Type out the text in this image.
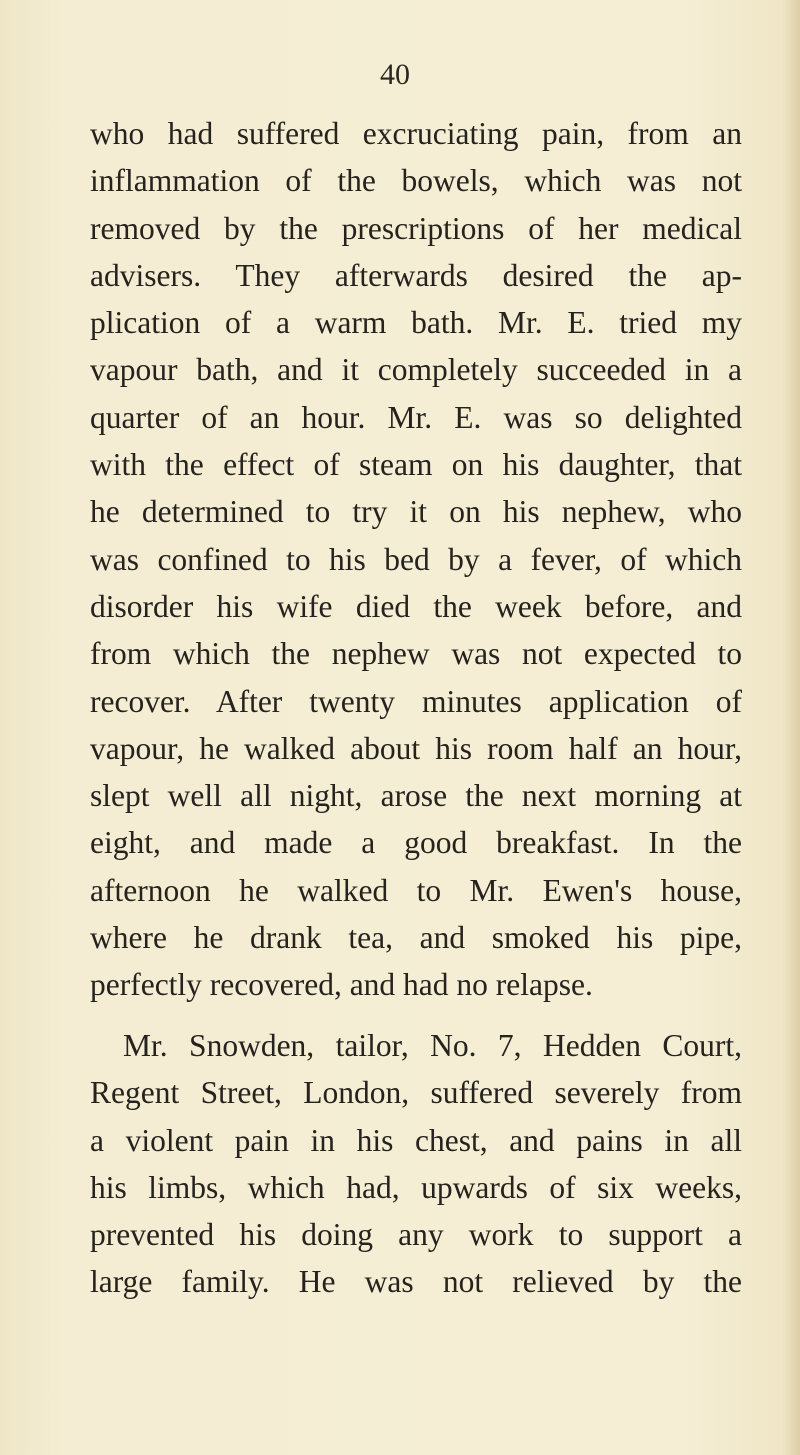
40
who had suffered excruciating pain, from an
inflammation of the bowels, which was not
removed by the prescriptions of her medical
advisers. They afterwards desired the ap-
plication of a warm bath. Mr. E. tried my
vapour bath, and it completely succeeded in a
quarter of an hour. Mr. E. was so delighted
with the effect of steam on his daughter, that
he determined to try it on his nephew, who
was confined to his bed by a fever, of which
disorder his wife died the week before, and
from which the nephew was not expected to
recover. After twenty minutes application of
vapour, he walked about his room half an hour,
slept well all night, arose the next morning at
eight, and made a good breakfast. In the
afternoon he walked to Mr. Ewen's house,
where he drank tea, and smoked his pipe,
perfectly recovered, and had no relapse.
Mr. Snowden, tailor, No. 7, Hedden Court,
Regent Street, London, suffered severely from
a violent pain in his chest, and pains in all
his limbs, which had, upwards of six weeks,
prevented his doing any work to support a
large family. He was not relieved by the
